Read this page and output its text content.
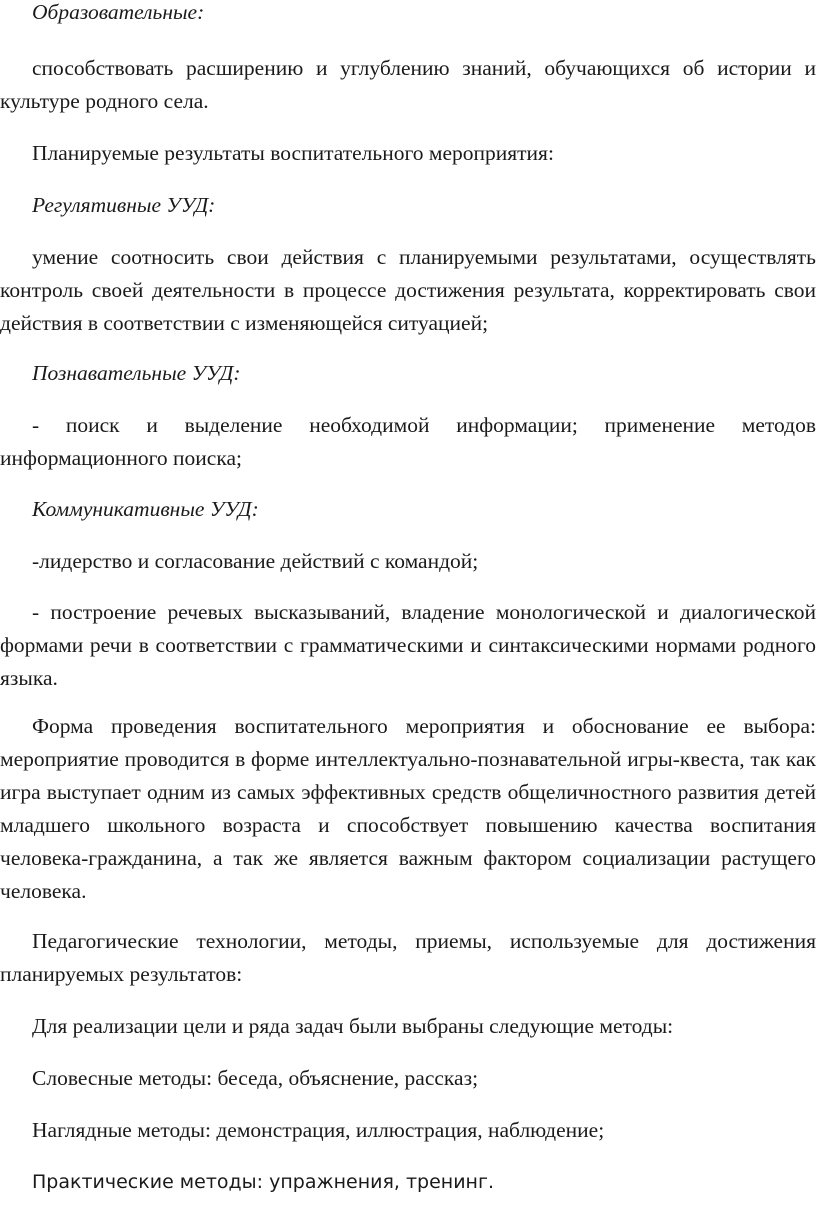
Образовательные:

способствовать расширению и углублению знаний, обучающихся об истории и культуре родного села.

Планируемые результаты воспитательного мероприятия:

Регулятивные УУД:

умение соотносить свои действия с планируемыми результатами, осуществлять контроль своей деятельности в процессе достижения результата, корректировать свои действия в соответствии с изменяющейся ситуацией;

Познавательные УУД:

- поиск и выделение необходимой информации; применение методов информационного поиска;

Коммуникативные УУД:

-лидерство и согласование действий с командой;

- построение речевых высказываний, владение монологической и диалогической формами речи в соответствии с грамматическими и синтаксическими нормами родного языка.

Форма проведения воспитательного мероприятия и обоснование ее выбора: мероприятие проводится в форме интеллектуально-познавательной игры-квеста, так как игра выступает одним из самых эффективных средств общеличностного развития детей младшего школьного возраста и способствует повышению качества воспитания человека-гражданина, а так же является важным фактором социализации растущего человека.

Педагогические технологии, методы, приемы, используемые для достижения планируемых результатов:

Для реализации цели и ряда задач были выбраны следующие методы:

Словесные методы: беседа, объяснение, рассказ;

Наглядные методы: демонстрация, иллюстрация, наблюдение;

Практические методы: упражнения, тренинг.
